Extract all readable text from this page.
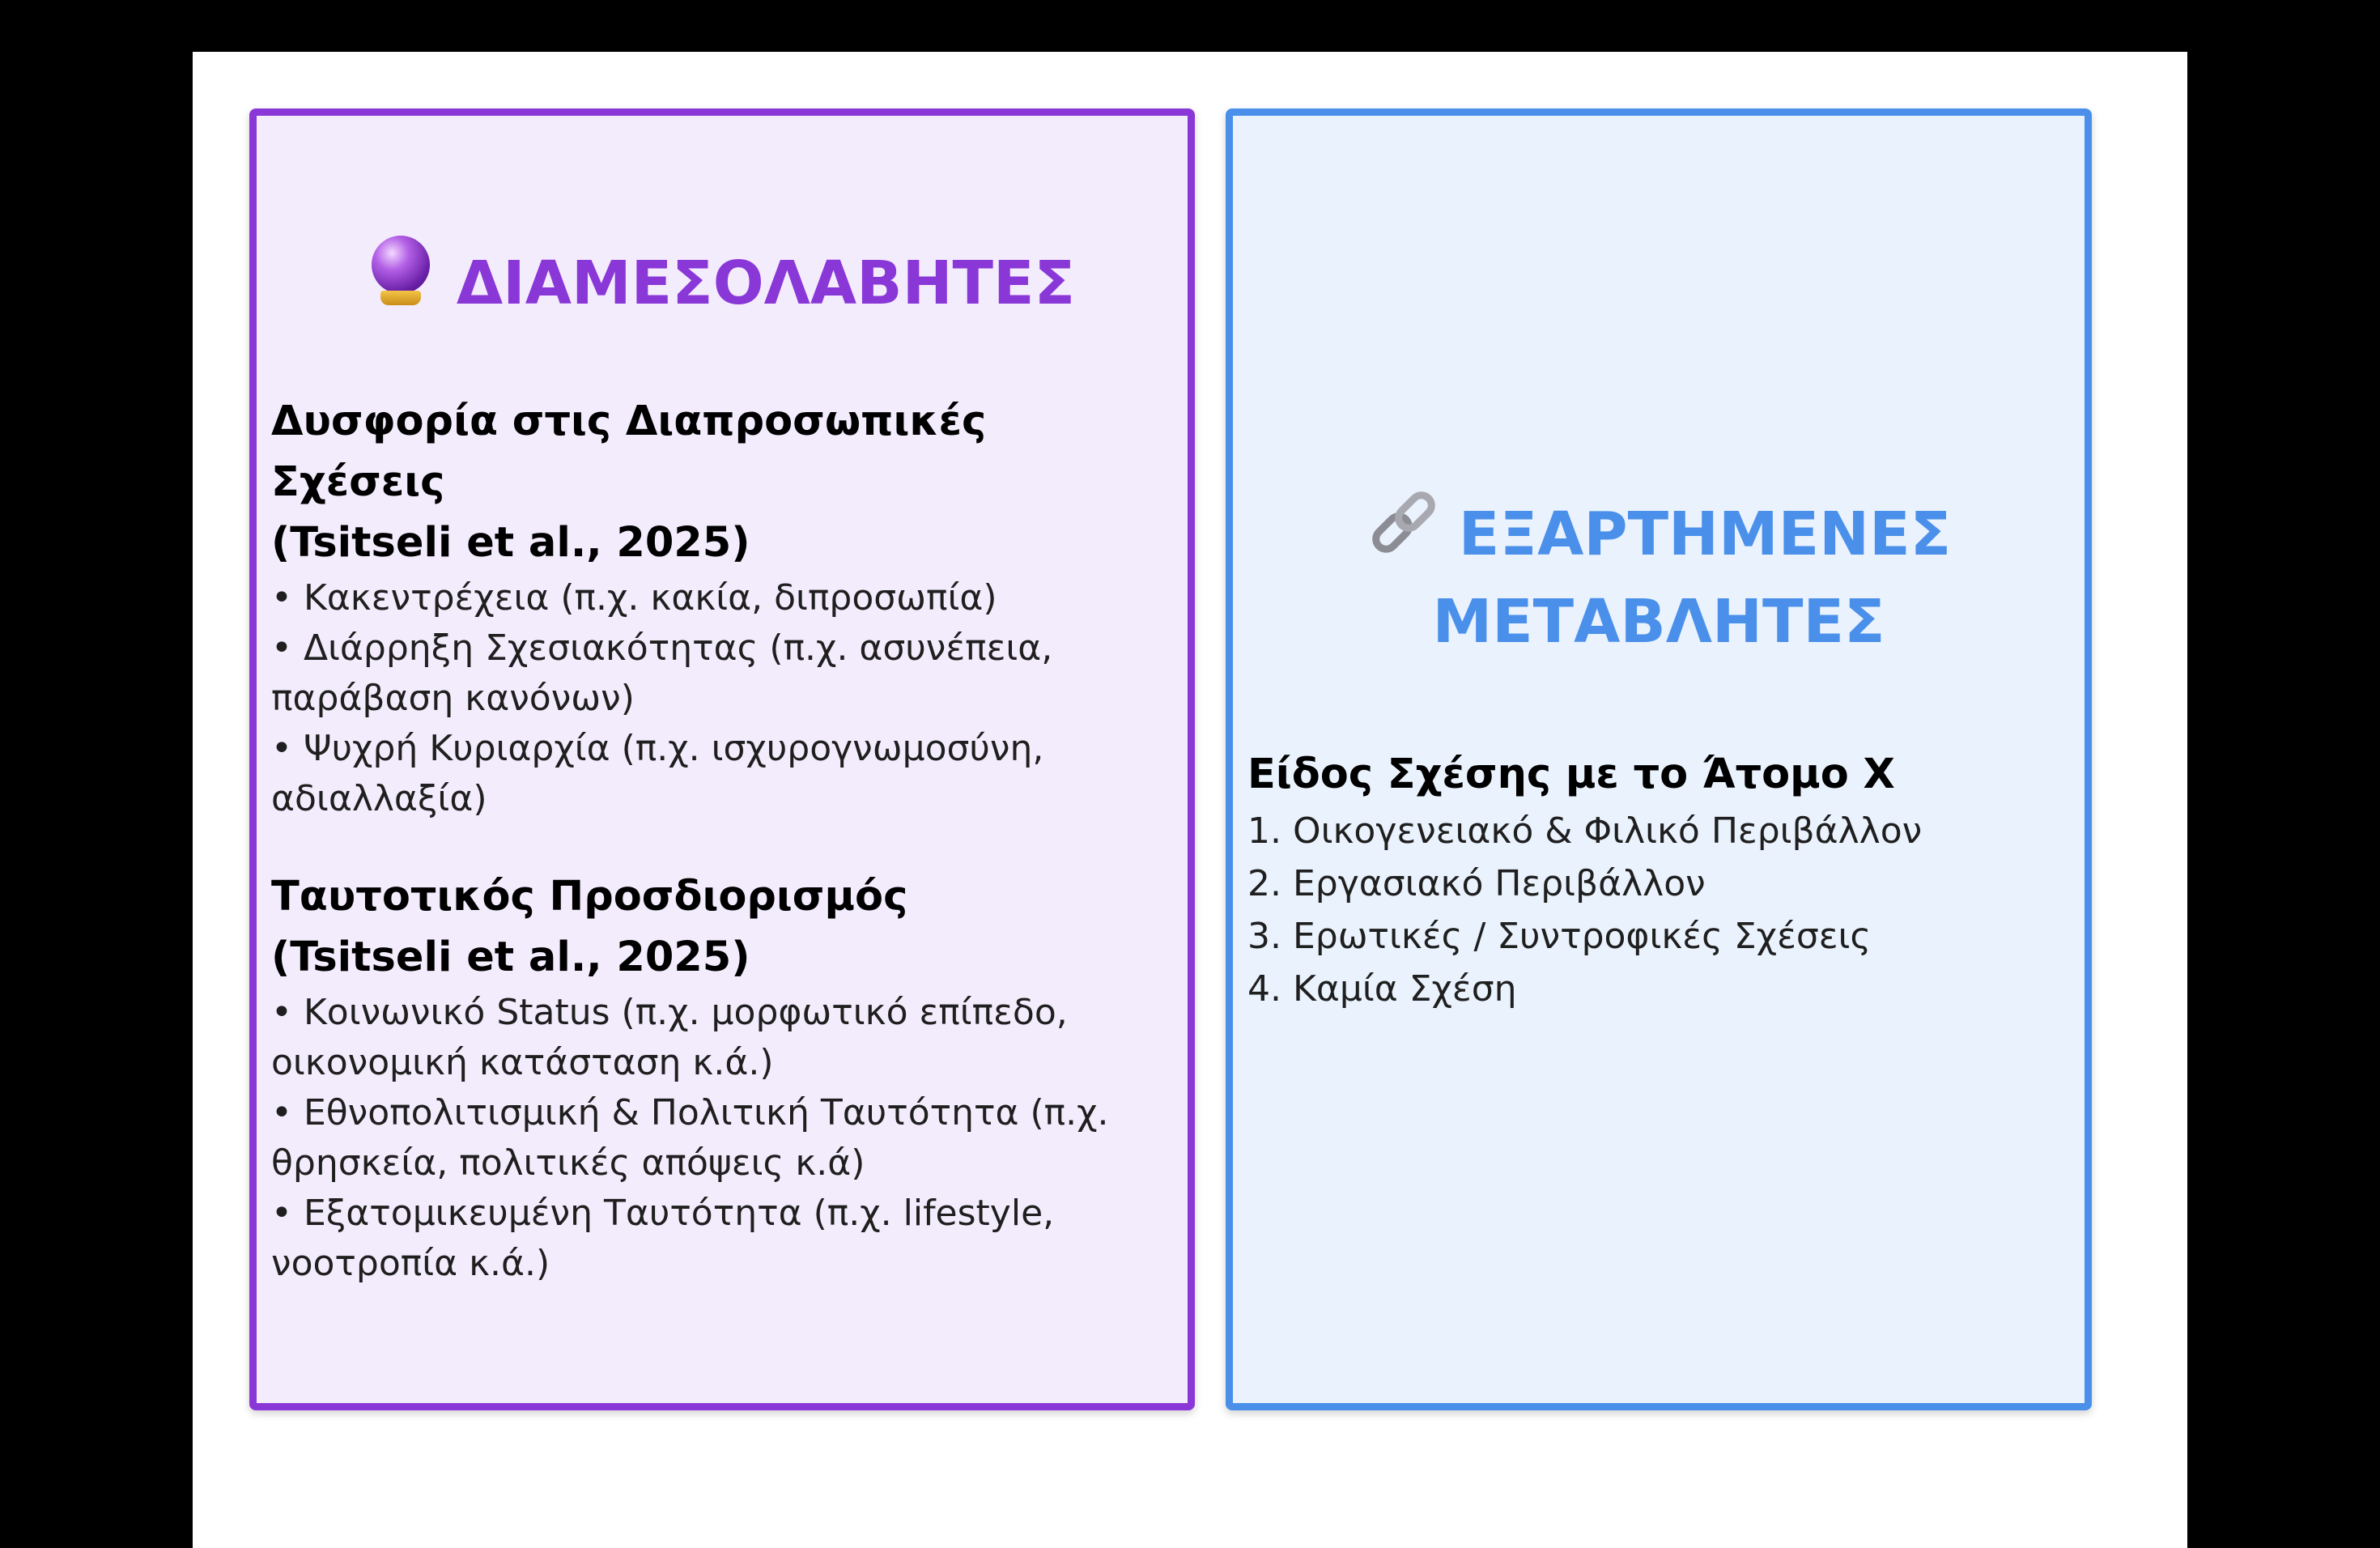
ΔΙΑΜΕΣΟΛΑΒΗΤΕΣ
Δυσφορία στις Διαπροσωπικές Σχέσεις
(Tsitseli et al., 2025)
• Κακεντρέχεια (π.χ. κακία, διπροσωπία)
• Διάρρηξη Σχεσιακότητας (π.χ. ασυνέπεια, παράβαση κανόνων)
• Ψυχρή Κυριαρχία (π.χ. ισχυρογνωμοσύνη, αδιαλλαξία)
Ταυτοτικός Προσδιορισμός
(Tsitseli et al., 2025)
• Κοινωνικό Status (π.χ. μορφωτικό επίπεδο, οικονομική κατάσταση κ.ά.)
• Εθνοπολιτισμική & Πολιτική Ταυτότητα (π.χ. θρησκεία, πολιτικές απόψεις κ.ά)
• Εξατομικευμένη Ταυτότητα (π.χ. lifestyle, νοοτροπία κ.ά.)
ΕΞΑΡΤΗΜΕΝΕΣ
ΜΕΤΑΒΛΗΤΕΣ
Είδος Σχέσης με το Άτομο Χ
1. Οικογενειακό & Φιλικό Περιβάλλον
2. Εργασιακό Περιβάλλον
3. Ερωτικές / Συντροφικές Σχέσεις
4. Καμία Σχέση
